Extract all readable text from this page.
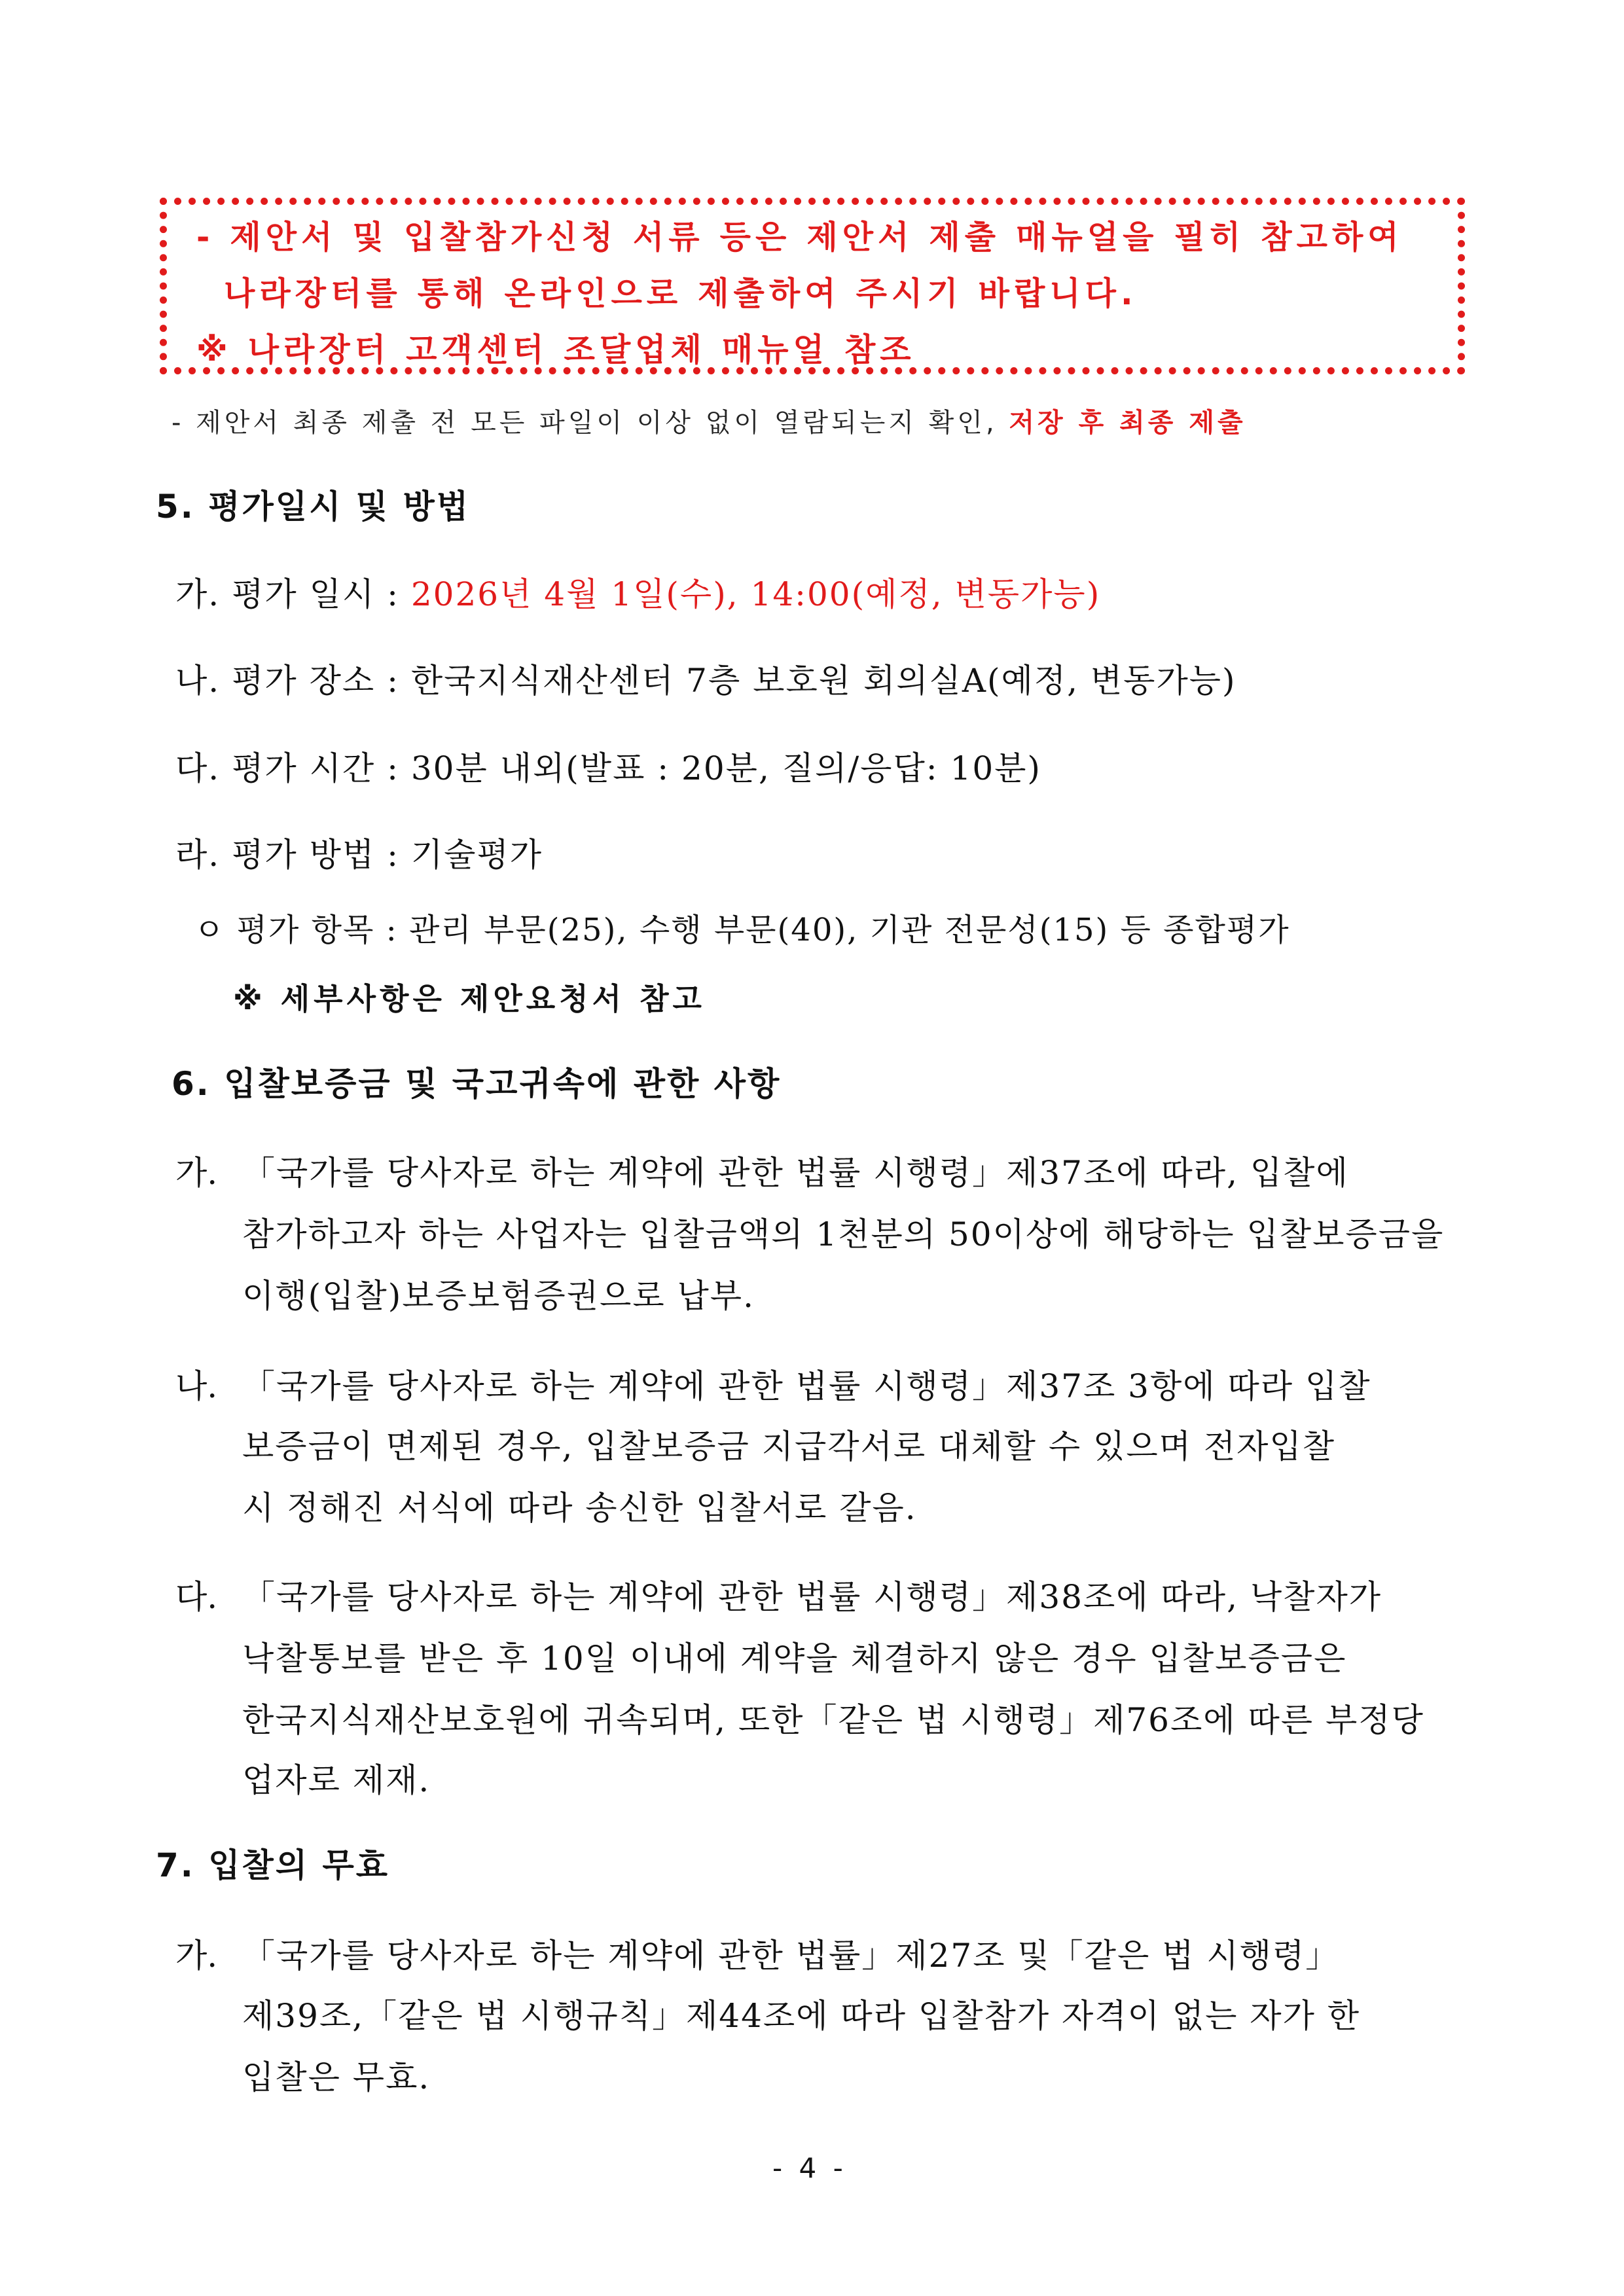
- 제안서 및 입찰참가신청 서류 등은 제안서 제출 매뉴얼을 필히 참고하여
나라장터를 통해 온라인으로 제출하여 주시기 바랍니다.
※ 나라장터 고객센터 조달업체 매뉴얼 참조
- 제안서 최종 제출 전 모든 파일이 이상 없이 열람되는지 확인, 저장 후 최종 제출
5. 평가일시 및 방법
가. 평가 일시 : 2026년 4월 1일(수), 14:00(예정, 변동가능)
나. 평가 장소 : 한국지식재산센터 7층 보호원 회의실A(예정, 변동가능)
다. 평가 시간 : 30분 내외(발표 : 20분, 질의/응답: 10분)
라. 평가 방법 : 기술평가
ㅇ 평가 항목 : 관리 부문(25), 수행 부문(40), 기관 전문성(15) 등 종합평가
※ 세부사항은 제안요청서 참고
6. 입찰보증금 및 국고귀속에 관한 사항
가. 「국가를 당사자로 하는 계약에 관한 법률 시행령」제37조에 따라, 입찰에
참가하고자 하는 사업자는 입찰금액의 1천분의 50이상에 해당하는 입찰보증금을
이행(입찰)보증보험증권으로 납부.
나. 「국가를 당사자로 하는 계약에 관한 법률 시행령」제37조 3항에 따라 입찰
보증금이 면제된 경우, 입찰보증금 지급각서로 대체할 수 있으며 전자입찰
시 정해진 서식에 따라 송신한 입찰서로 갈음.
다. 「국가를 당사자로 하는 계약에 관한 법률 시행령」제38조에 따라, 낙찰자가
낙찰통보를 받은 후 10일 이내에 계약을 체결하지 않은 경우 입찰보증금은
한국지식재산보호원에 귀속되며, 또한「같은 법 시행령」제76조에 따른 부정당
업자로 제재.
7. 입찰의 무효
가. 「국가를 당사자로 하는 계약에 관한 법률」제27조 및「같은 법 시행령」
제39조,「같은 법 시행규칙」제44조에 따라 입찰참가 자격이 없는 자가 한
입찰은 무효.
- 4 -
